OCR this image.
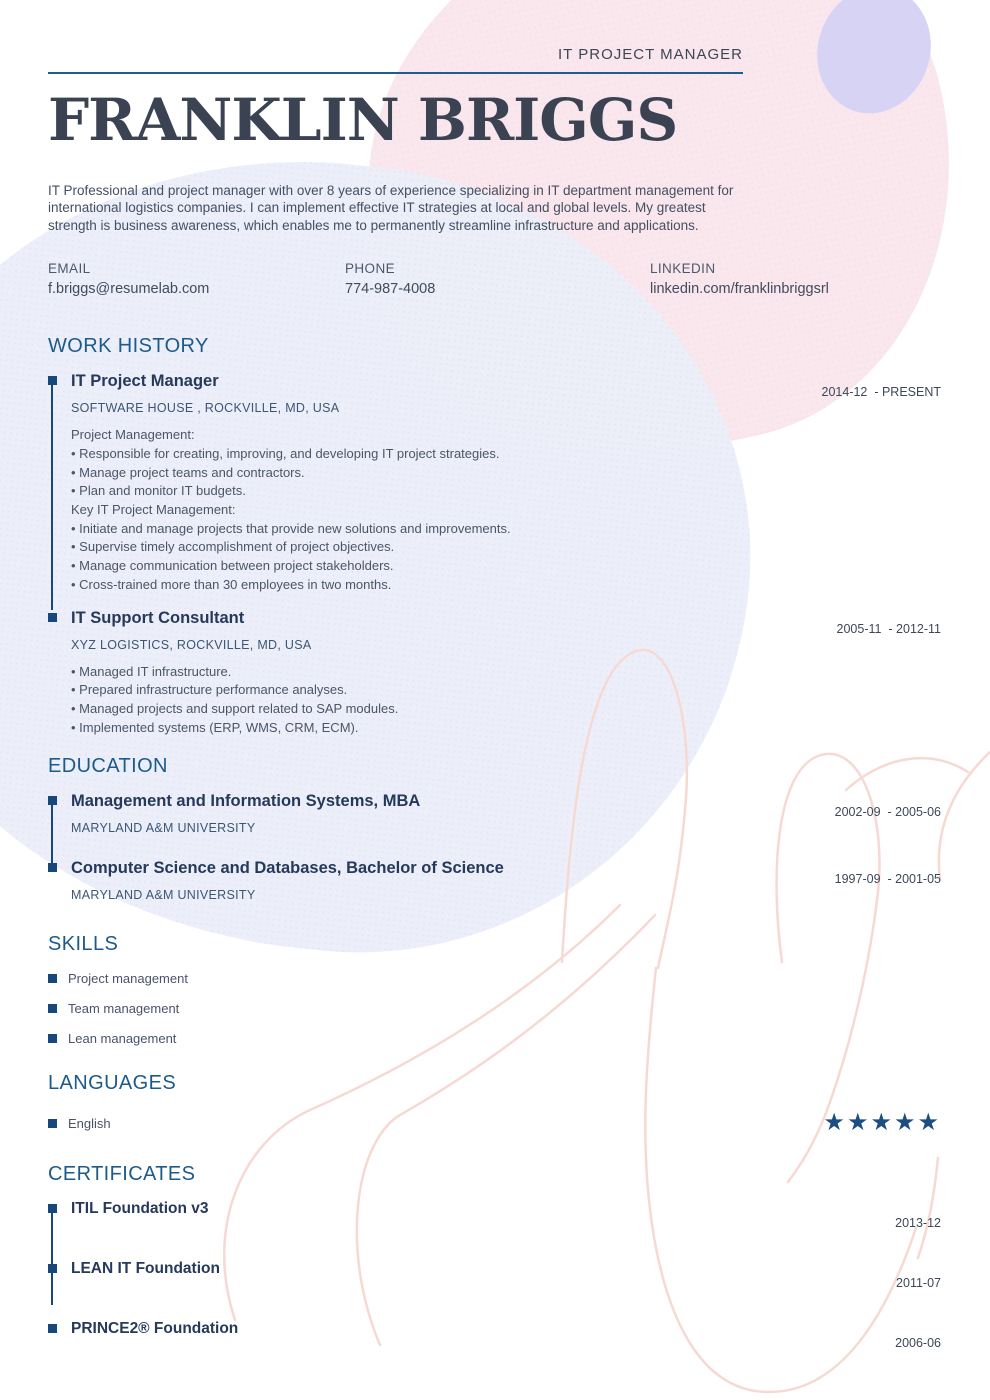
IT PROJECT MANAGER
FRANKLIN BRIGGS

IT Professional and project manager with over 8 years of experience specializing in IT department management for international logistics companies. I can implement effective IT strategies at local and global levels. My greatest strength is business awareness, which enables me to permanently streamline infrastructure and applications.

EMAIL
f.briggs@resumelab.com
PHONE
774-987-4008
LINKEDIN
linkedin.com/franklinbriggsrl
WORK HISTORY
IT Project Manager
SOFTWARE HOUSE , ROCKVILLE, MD, USA
2014-12  - PRESENT
Project Management:
• Responsible for creating, improving, and developing IT project strategies.
• Manage project teams and contractors.
• Plan and monitor IT budgets.
Key IT Project Management:
• Initiate and manage projects that provide new solutions and improvements.
• Supervise timely accomplishment of project objectives.
• Manage communication between project stakeholders.
• Cross-trained more than 30 employees in two months.
IT Support Consultant
XYZ LOGISTICS, ROCKVILLE, MD, USA
2005-11  - 2012-11
• Managed IT infrastructure.
• Prepared infrastructure performance analyses.
• Managed projects and support related to SAP modules.
• Implemented systems (ERP, WMS, CRM, ECM).
EDUCATION
Management and Information Systems, MBA
MARYLAND A&M UNIVERSITY
2002-09  - 2005-06
Computer Science and Databases, Bachelor of Science
MARYLAND A&M UNIVERSITY
1997-09  - 2001-05
SKILLS
Project management
Team management
Lean management
LANGUAGES
English	★★★★★
CERTIFICATES
ITIL Foundation v3
2013-12
LEAN IT Foundation
2011-07
PRINCE2® Foundation
2006-06
